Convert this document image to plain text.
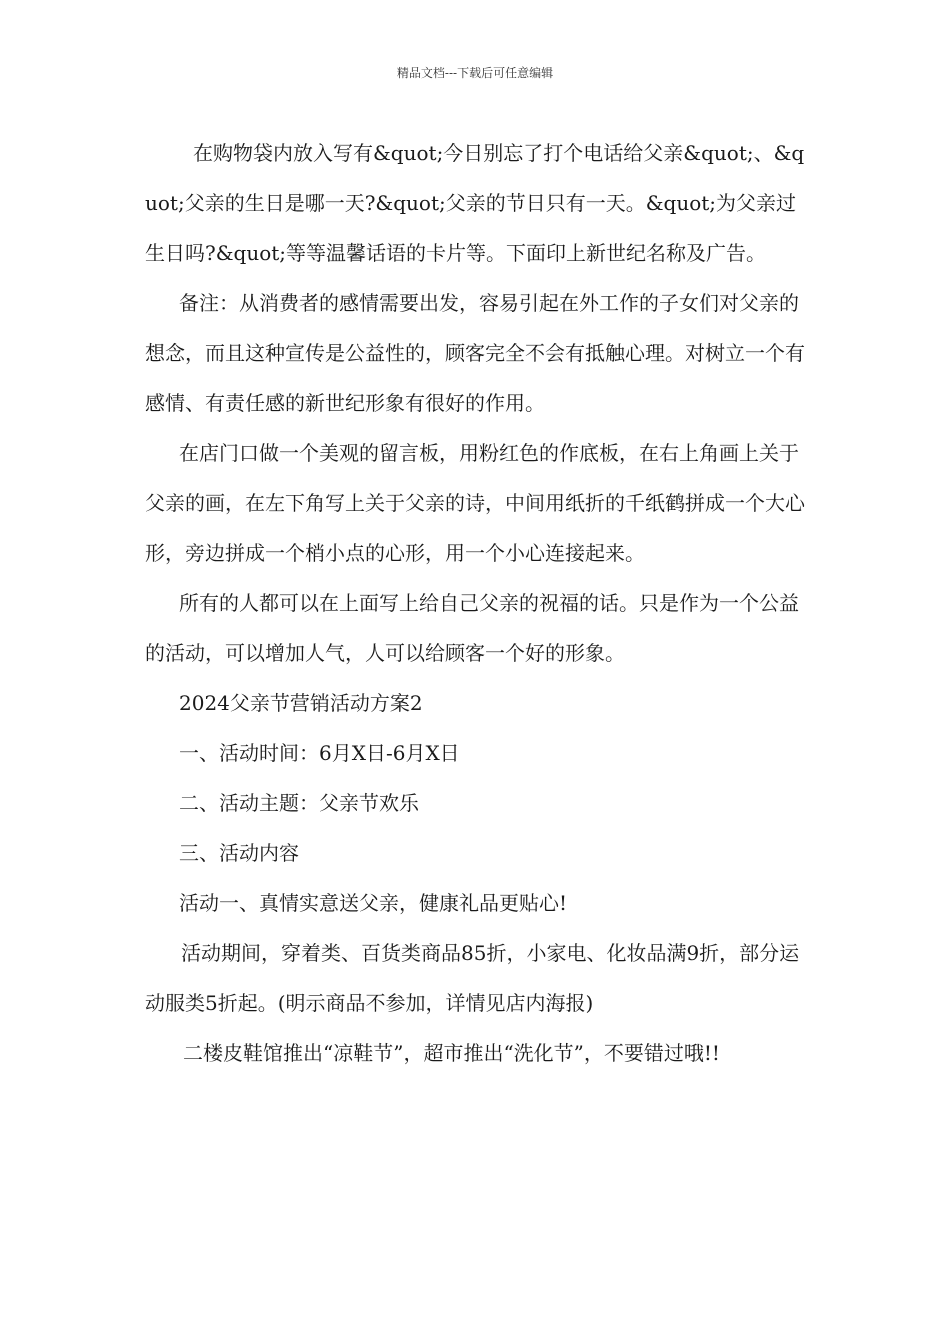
精品文档---下载后可任意编辑

在购物袋内放入写有&quot;今日别忘了打个电话给父亲&quot;、&quot;父亲的生日是哪一天?&quot;父亲的节日只有一天。&quot;为父亲过生日吗?&quot;等等温馨话语的卡片等。下面印上新世纪名称及广告。

备注：从消费者的感情需要出发，容易引起在外工作的子女们对父亲的想念，而且这种宣传是公益性的，顾客完全不会有抵触心理。对树立一个有感情、有责任感的新世纪形象有很好的作用。

在店门口做一个美观的留言板，用粉红色的作底板，在右上角画上关于父亲的画，在左下角写上关于父亲的诗，中间用纸折的千纸鹤拼成一个大心形，旁边拼成一个梢小点的心形，用一个小心连接起来。

所有的人都可以在上面写上给自己父亲的祝福的话。只是作为一个公益的活动，可以增加人气，人可以给顾客一个好的形象。

2024父亲节营销活动方案2

一、活动时间：6月X日-6月X日

二、活动主题：父亲节欢乐

三、活动内容

活动一、真情实意送父亲，健康礼品更贴心!

活动期间，穿着类、百货类商品85折，小家电、化妆品满9折，部分运动服类5折起。(明示商品不参加，详情见店内海报)

二楼皮鞋馆推出“凉鞋节”，超市推出“洗化节”，不要错过哦!!
